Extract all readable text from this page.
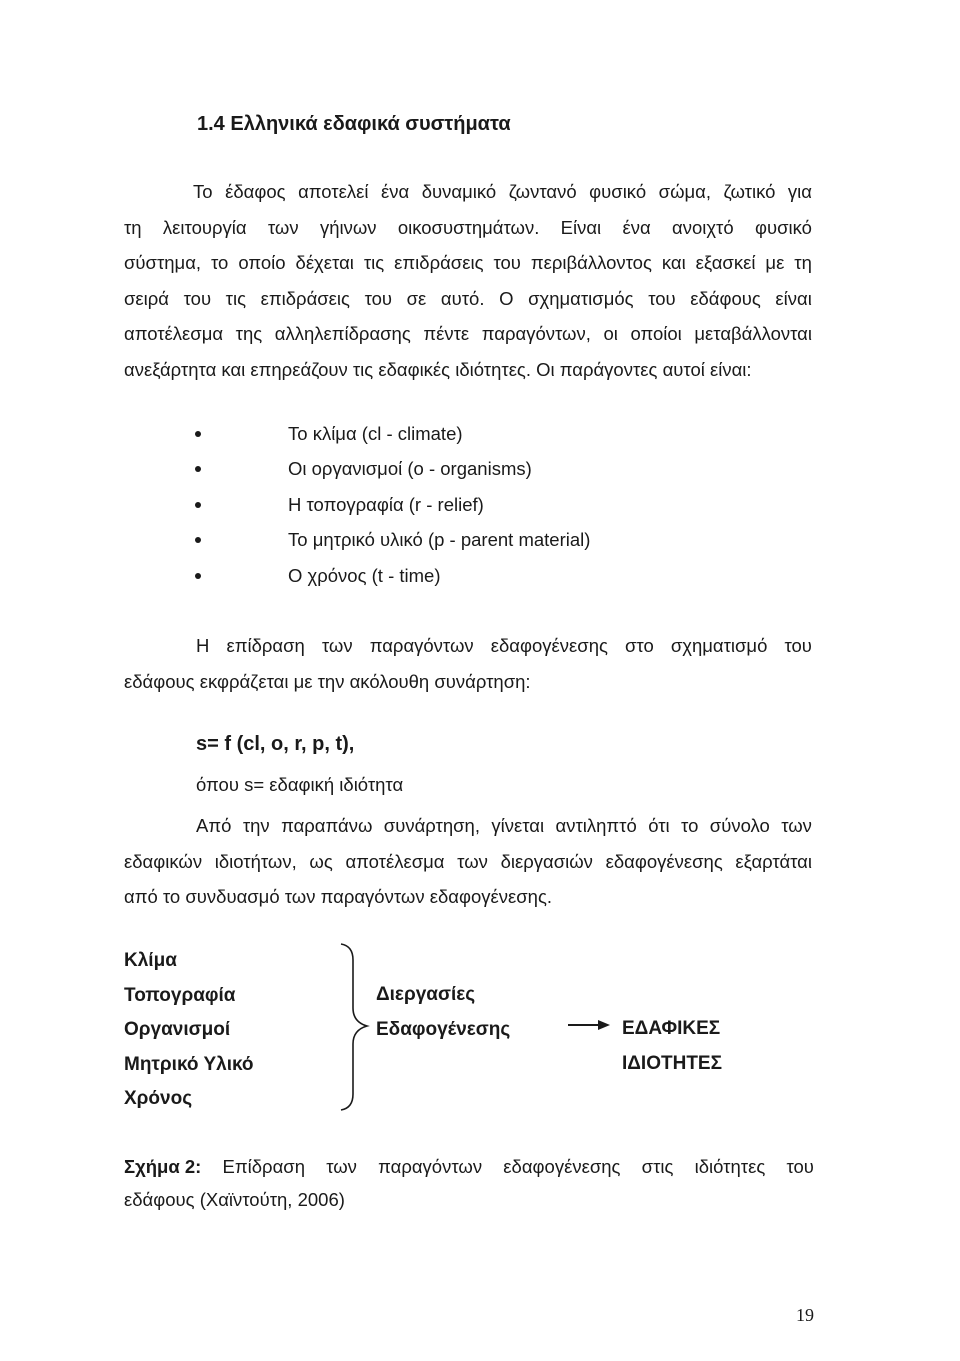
1.4 Ελληνικά εδαφικά συστήματα
Το έδαφος αποτελεί ένα δυναμικό ζωντανό φυσικό σώμα, ζωτικό για
τη λειτουργία των γήινων οικοσυστημάτων. Είναι ένα ανοιχτό φυσικό
σύστημα, το οποίο δέχεται τις επιδράσεις του περιβάλλοντος και εξασκεί με τη
σειρά του τις επιδράσεις του σε αυτό. Ο σχηματισμός του εδάφους είναι
αποτέλεσμα της αλληλεπίδρασης πέντε παραγόντων, οι οποίοι μεταβάλλονται
ανεξάρτητα και επηρεάζουν τις εδαφικές ιδιότητες. Οι παράγοντες αυτοί είναι:
Το κλίμα (cl - climate)
Οι οργανισμοί (o - organisms)
Η τοπογραφία (r - relief)
Το μητρικό υλικό (p - parent material)
Ο χρόνος (t - time)
Η επίδραση των παραγόντων εδαφογένεσης στο σχηματισμό του
εδάφους εκφράζεται με την ακόλουθη συνάρτηση:
s= f (cl, o, r, p, t),
όπου s= εδαφική ιδιότητα
Από την παραπάνω συνάρτηση, γίνεται αντιληπτό ότι το σύνολο των
εδαφικών ιδιοτήτων, ως αποτέλεσμα των διεργασιών εδαφογένεσης εξαρτάται
από το συνδυασμό των παραγόντων εδαφογένεσης.
Κλίμα
Τοπογραφία
Οργανισμοί
Μητρικό Υλικό
Χρόνος
Διεργασίες
Εδαφογένεσης	ΕΔΑΦΙΚΕΣ
ΙΔΙΟΤΗΤΕΣ
Σχήμα 2: Επίδραση των παραγόντων εδαφογένεσης στις ιδιότητες του
εδάφους (Χαϊντούτη, 2006)
19
